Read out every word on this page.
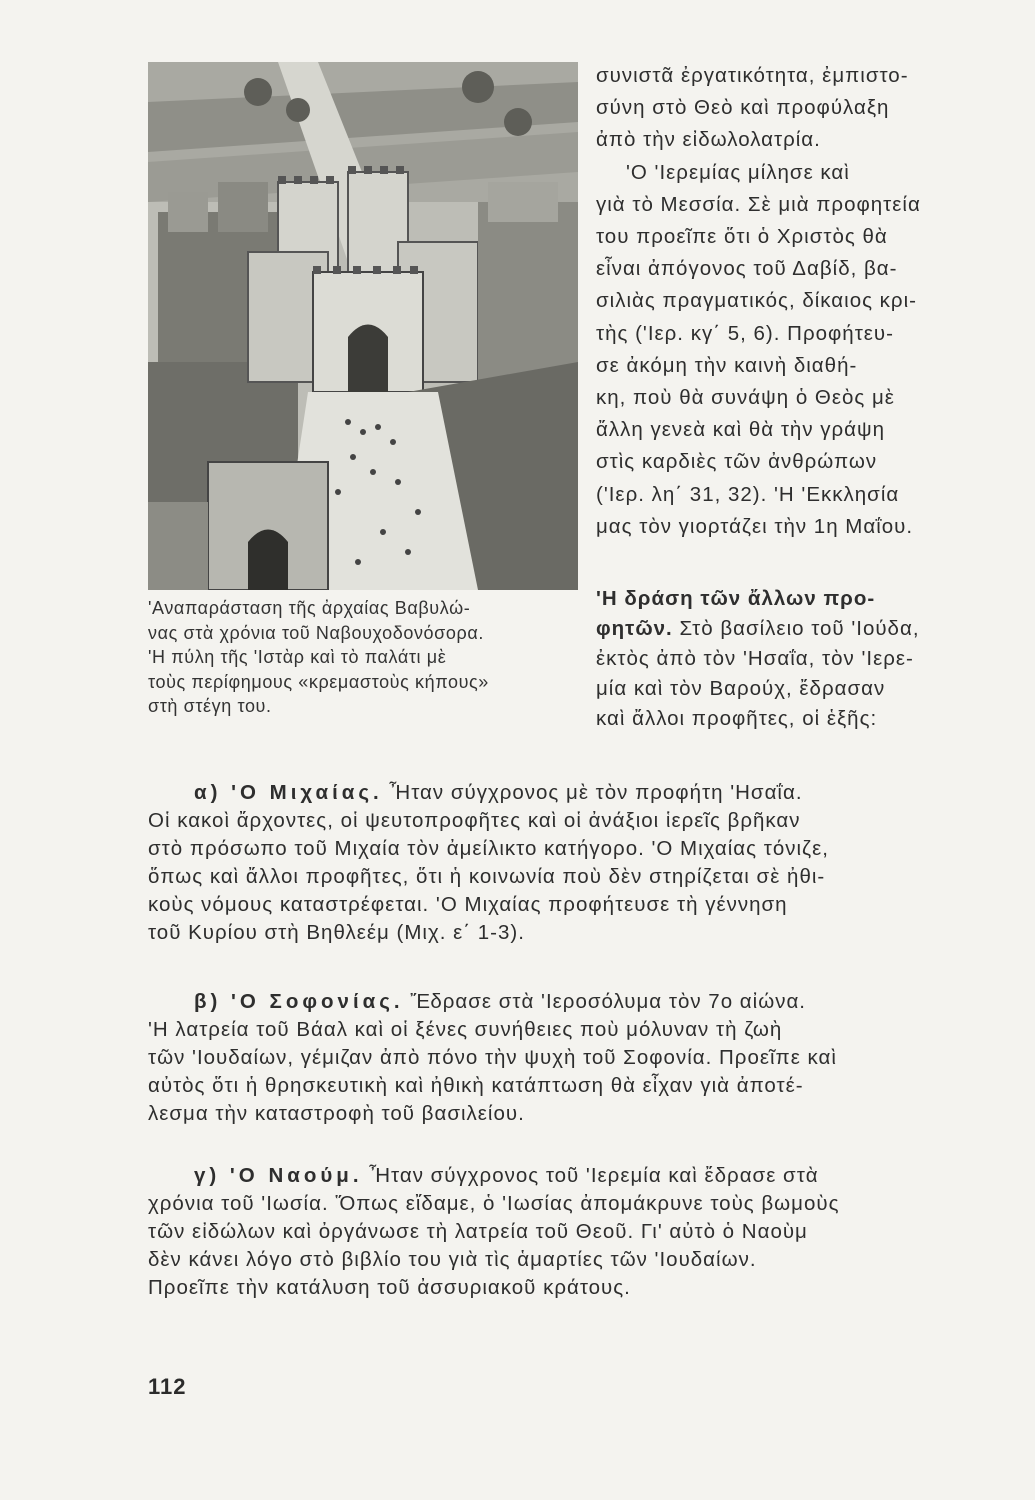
'Αναπαράσταση τῆς ἀρχαίας Βαβυλώ-

νας στὰ χρόνια τοῦ Ναβουχοδονόσορα.

'Η πύλη τῆς 'Ιστὰρ καὶ τὸ παλάτι μὲ

τοὺς περίφημους «κρεμαστοὺς κήπους»

στὴ στέγη του.

συνιστᾶ ἐργατικότητα, ἐμπιστο-

σύνη στὸ Θεὸ καὶ προφύλαξη

ἀπὸ τὴν εἰδωλολατρία.

'Ο 'Ιερεμίας μίλησε καὶ

γιὰ τὸ Μεσσία. Σὲ μιὰ προφητεία

του προεῖπε ὅτι ὁ Χριστὸς θὰ

εἶναι ἀπόγονος τοῦ Δαβίδ, βα-

σιλιὰς πραγματικός, δίκαιος κρι-

τὴς ('Ιερ. κγ΄ 5, 6). Προφήτευ-

σε ἀκόμη τὴν καινὴ διαθή-

κη, ποὺ θὰ συνάψη ὁ Θεὸς μὲ

ἄλλη γενεὰ καὶ θὰ τὴν γράψη

στὶς καρδιὲς τῶν ἀνθρώπων

('Ιερ. λη΄ 31, 32). 'Η 'Εκκλησία

μας τὸν γιορτάζει τὴν 1η Μαΐου.

'Η δράση τῶν ἄλλων προ-

φητῶν. Στὸ βασίλειο τοῦ 'Ιούδα,

ἐκτὸς ἀπὸ τὸν 'Ησαΐα, τὸν 'Ιερε-

μία καὶ τὸν Βαρούχ, ἔδρασαν

καὶ ἄλλοι προφῆτες, οἱ ἑξῆς:

α) 'Ο Μιχαίας. Ἦταν σύγχρονος μὲ τὸν προφήτη 'Ησαΐα.

Οἱ κακοὶ ἄρχοντες, οἱ ψευτοπροφῆτες καὶ οἱ ἀνάξιοι ἱερεῖς βρῆκαν

στὸ πρόσωπο τοῦ Μιχαία τὸν ἀμείλικτο κατήγορο. 'Ο Μιχαίας τόνιζε,

ὅπως καὶ ἄλλοι προφῆτες, ὅτι ἡ κοινωνία ποὺ δὲν στηρίζεται σὲ ἠθι-

κοὺς νόμους καταστρέφεται. 'Ο Μιχαίας προφήτευσε τὴ γέννηση

τοῦ Κυρίου στὴ Βηθλεέμ (Μιχ. ε΄ 1-3).

β) 'Ο Σοφονίας. Ἔδρασε στὰ 'Ιεροσόλυμα τὸν 7ο αἰώνα.

'Η λατρεία τοῦ Βάαλ καὶ οἱ ξένες συνήθειες ποὺ μόλυναν τὴ ζωὴ

τῶν 'Ιουδαίων, γέμιζαν ἀπὸ πόνο τὴν ψυχὴ τοῦ Σοφονία. Προεῖπε καὶ

αὐτὸς ὅτι ἡ θρησκευτικὴ καὶ ἠθικὴ κατάπτωση θὰ εἶχαν γιὰ ἀποτέ-

λεσμα τὴν καταστροφὴ τοῦ βασιλείου.

γ) 'Ο Ναούμ. Ἦταν σύγχρονος τοῦ 'Ιερεμία καὶ ἔδρασε στὰ

χρόνια τοῦ 'Ιωσία. Ὅπως εἴδαμε, ὁ 'Ιωσίας ἀπομάκρυνε τοὺς βωμοὺς

τῶν εἰδώλων καὶ ὀργάνωσε τὴ λατρεία τοῦ Θεοῦ. Γι' αὐτὸ ὁ Ναοὺμ

δὲν κάνει λόγο στὸ βιβλίο του γιὰ τὶς ἁμαρτίες τῶν 'Ιουδαίων.

Προεῖπε τὴν κατάλυση τοῦ ἀσσυριακοῦ κράτους.

112
